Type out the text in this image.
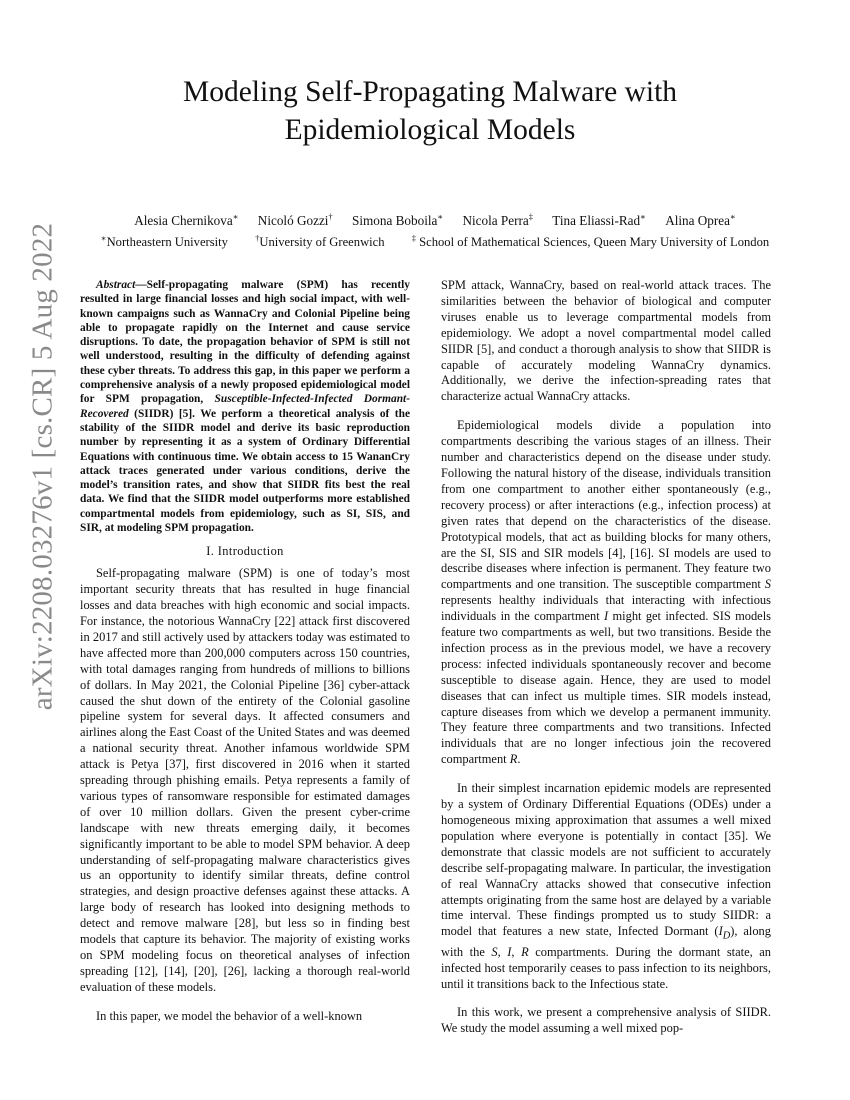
arXiv:2208.03276v1 [cs.CR] 5 Aug 2022
Modeling Self-Propagating Malware with
Epidemiological Models
Alesia Chernikova∗ Nicoló Gozzi† Simona Boboila∗ Nicola Perra‡ Tina Eliassi-Rad∗ Alina Oprea∗
∗Northeastern University	†University of Greenwich	‡ School of Mathematical Sciences, Queen Mary University of London

Abstract—Self-propagating malware (SPM) has recently resulted in large financial losses and high social impact, with well-known campaigns such as WannaCry and Colonial Pipeline being able to propagate rapidly on the Internet and cause service disruptions. To date, the propagation behavior of SPM is still not well understood, resulting in the difficulty of defending against these cyber threats. To address this gap, in this paper we perform a comprehensive analysis of a newly proposed epidemiological model for SPM propagation, Susceptible-Infected-Infected Dormant-Recovered (SIIDR) [5]. We perform a theoretical analysis of the stability of the SIIDR model and derive its basic reproduction number by representing it as a system of Ordinary Differential Equations with continuous time. We obtain access to 15 WananCry attack traces generated under various conditions, derive the model’s transition rates, and show that SIIDR fits best the real data. We find that the SIIDR model outperforms more established compartmental models from epidemiology, such as SI, SIS, and SIR, at modeling SPM propagation.

I. Introduction

Self-propagating malware (SPM) is one of today’s most important security threats that has resulted in huge financial losses and data breaches with high economic and social impacts. For instance, the notorious WannaCry [22] attack first discovered in 2017 and still actively used by attackers today was estimated to have affected more than 200,000 computers across 150 countries, with total damages ranging from hundreds of millions to billions of dollars. In May 2021, the Colonial Pipeline [36] cyber-attack caused the shut down of the entirety of the Colonial gasoline pipeline system for several days. It affected consumers and airlines along the East Coast of the United States and was deemed a national security threat. Another infamous worldwide SPM attack is Petya [37], first discovered in 2016 when it started spreading through phishing emails. Petya represents a family of various types of ransomware responsible for estimated damages of over 10 million dollars. Given the present cyber-crime landscape with new threats emerging daily, it becomes significantly important to be able to model SPM behavior. A deep understanding of self-propagating malware characteristics gives us an opportunity to identify similar threats, define control strategies, and design proactive defenses against these attacks. A large body of research has looked into designing methods to detect and remove malware [28], but less so in finding best models that capture its behavior. The majority of existing works on SPM modeling focus on theoretical analyses of infection spreading [12], [14], [20], [26], lacking a thorough real-world evaluation of these models.

In this paper, we model the behavior of a well-known

SPM attack, WannaCry, based on real-world attack traces. The similarities between the behavior of biological and computer viruses enable us to leverage compartmental models from epidemiology. We adopt a novel compartmental model called SIIDR [5], and conduct a thorough analysis to show that SIIDR is capable of accurately modeling WannaCry dynamics. Additionally, we derive the infection-spreading rates that characterize actual WannaCry attacks.

Epidemiological models divide a population into compartments describing the various stages of an illness. Their number and characteristics depend on the disease under study. Following the natural history of the disease, individuals transition from one compartment to another either spontaneously (e.g., recovery process) or after interactions (e.g., infection process) at given rates that depend on the characteristics of the disease. Prototypical models, that act as building blocks for many others, are the SI, SIS and SIR models [4], [16]. SI models are used to describe diseases where infection is permanent. They feature two compartments and one transition. The susceptible compartment S represents healthy individuals that interacting with infectious individuals in the compartment I might get infected. SIS models feature two compartments as well, but two transitions. Beside the infection process as in the previous model, we have a recovery process: infected individuals spontaneously recover and become susceptible to disease again. Hence, they are used to model diseases that can infect us multiple times. SIR models instead, capture diseases from which we develop a permanent immunity. They feature three compartments and two transitions. Infected individuals that are no longer infectious join the recovered compartment R.

In their simplest incarnation epidemic models are represented by a system of Ordinary Differential Equations (ODEs) under a homogeneous mixing approximation that assumes a well mixed population where everyone is potentially in contact [35]. We demonstrate that classic models are not sufficient to accurately describe self-propagating malware. In particular, the investigation of real WannaCry attacks showed that consecutive infection attempts originating from the same host are delayed by a variable time interval. These findings prompted us to study SIIDR: a model that features a new state, Infected Dormant $(I_D)$, along with the S, I, R compartments. During the dormant state, an infected host temporarily ceases to pass infection to its neighbors, until it transitions back to the Infectious state.

In this work, we present a comprehensive analysis of SIIDR. We study the model assuming a well mixed pop-
